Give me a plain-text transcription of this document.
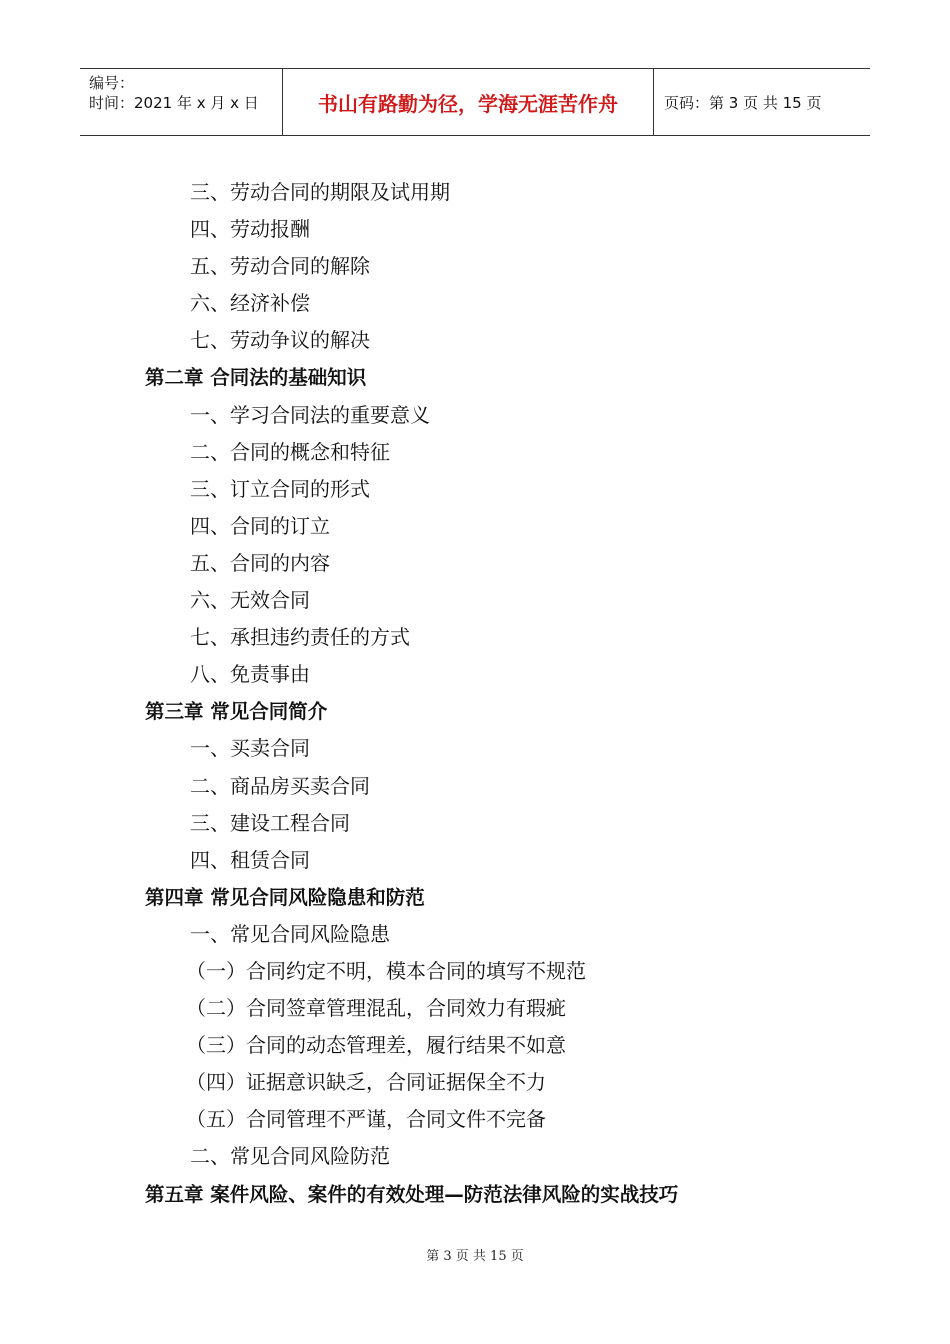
编号：
时间：2021 年 x 月 x 日	书山有路勤为径，学海无涯苦作舟	页码：第 3 页 共 15 页
三、劳动合同的期限及试用期
四、劳动报酬
五、劳动合同的解除
六、经济补偿
七、劳动争议的解决
第二章 合同法的基础知识
一、学习合同法的重要意义
二、合同的概念和特征
三、订立合同的形式
四、合同的订立
五、合同的内容
六、无效合同
七、承担违约责任的方式
八、免责事由
第三章 常见合同简介
一、买卖合同
二、商品房买卖合同
三、建设工程合同
四、租赁合同
第四章 常见合同风险隐患和防范
一、常见合同风险隐患
（一）合同约定不明，模本合同的填写不规范
（二）合同签章管理混乱，合同效力有瑕疵
（三）合同的动态管理差，履行结果不如意
（四）证据意识缺乏，合同证据保全不力
（五）合同管理不严谨，合同文件不完备
二、常见合同风险防范
第五章 案件风险、案件的有效处理—防范法律风险的实战技巧
第 3 页 共 15 页
